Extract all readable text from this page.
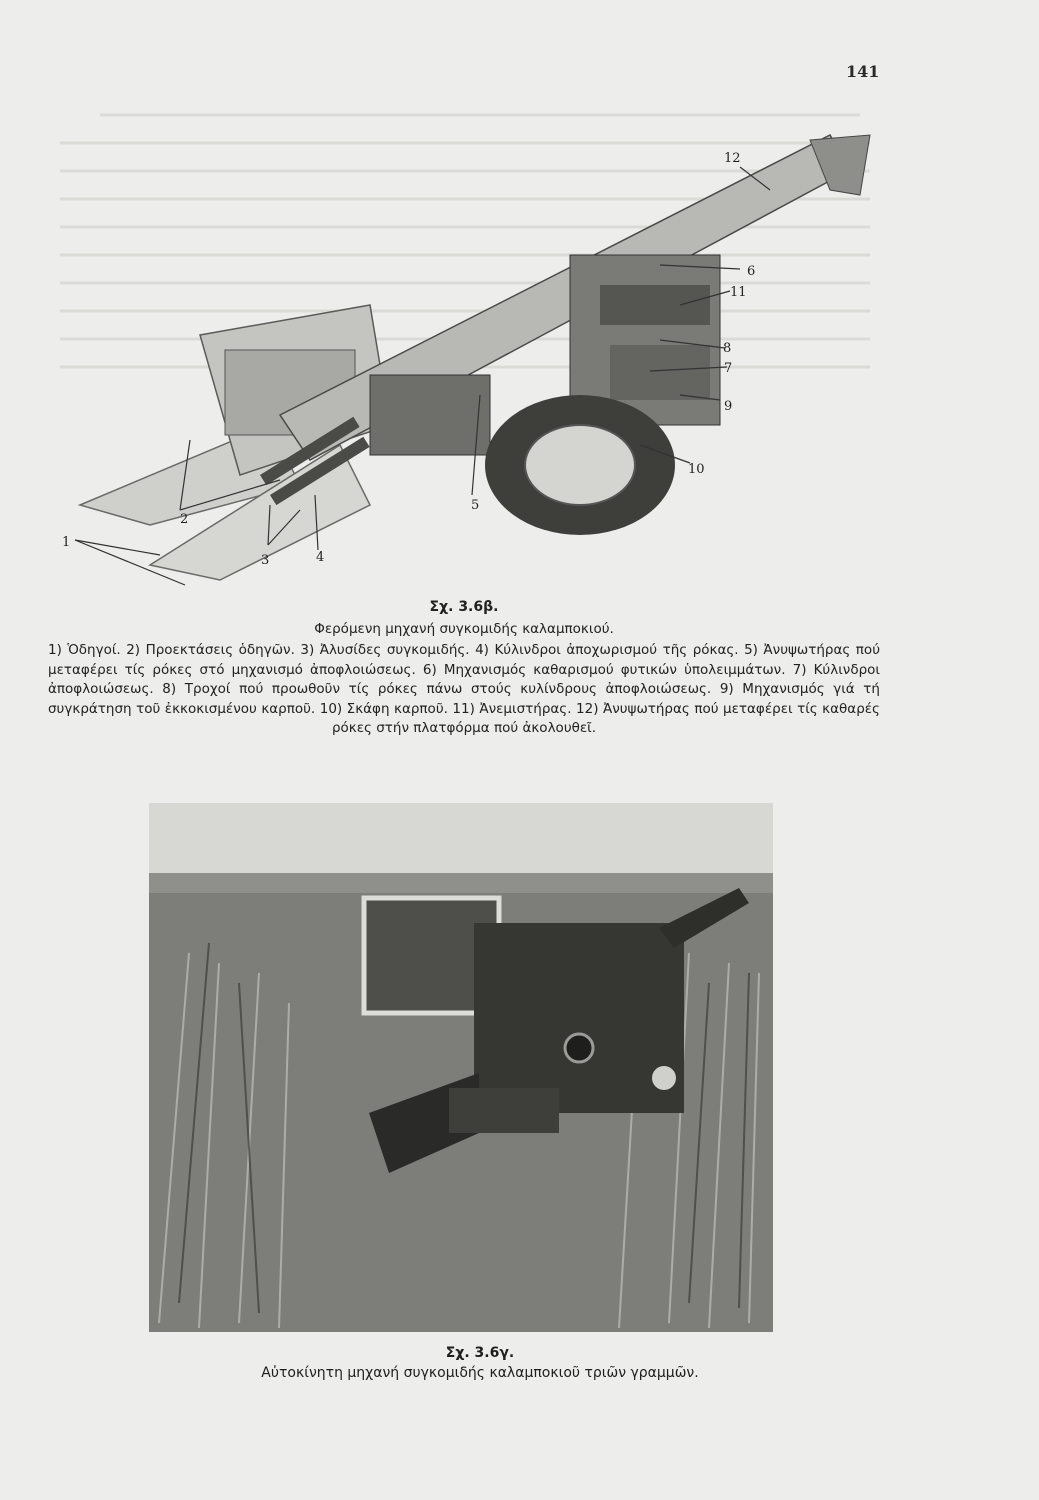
141
1
2
3	4
5
6
7
8
9
10
11
12
Σχ. 3.6β.
Φερόμενη μηχανή συγκομιδής καλαμποκιού.
1) Ὁδηγοί. 2) Προεκτάσεις ὁδηγῶν. 3) Ἀλυσίδες συγκομιδής. 4) Κύλινδροι ἀποχωρισμού τῆς ρόκας. 5) Ἀνυψωτήρας πού μεταφέρει τίς ρόκες στό μηχανισμό ἀποφλοιώσεως. 6) Μηχανισμός καθαρισμού φυτικών ὑπολειμμάτων. 7) Κύλινδροι ἀποφλοιώσεως. 8) Τροχοί πού προωθοῦν τίς ρόκες πάνω στούς κυλίνδρους ἀποφλοιώσεως. 9) Μηχανισμός γιά τή συγκράτηση τοῦ ἐκκοκισμένου καρποῦ. 10) Σκάφη καρποῦ. 11) Ἀνεμιστήρας. 12) Ἀνυψωτήρας πού μεταφέρει τίς καθαρές ρόκες στήν πλατφόρμα πού ἀκολουθεῖ.
Σχ. 3.6γ.
Αὐτοκίνητη μηχανή συγκομιδής καλαμποκιοῦ τριῶν γραμμῶν.
